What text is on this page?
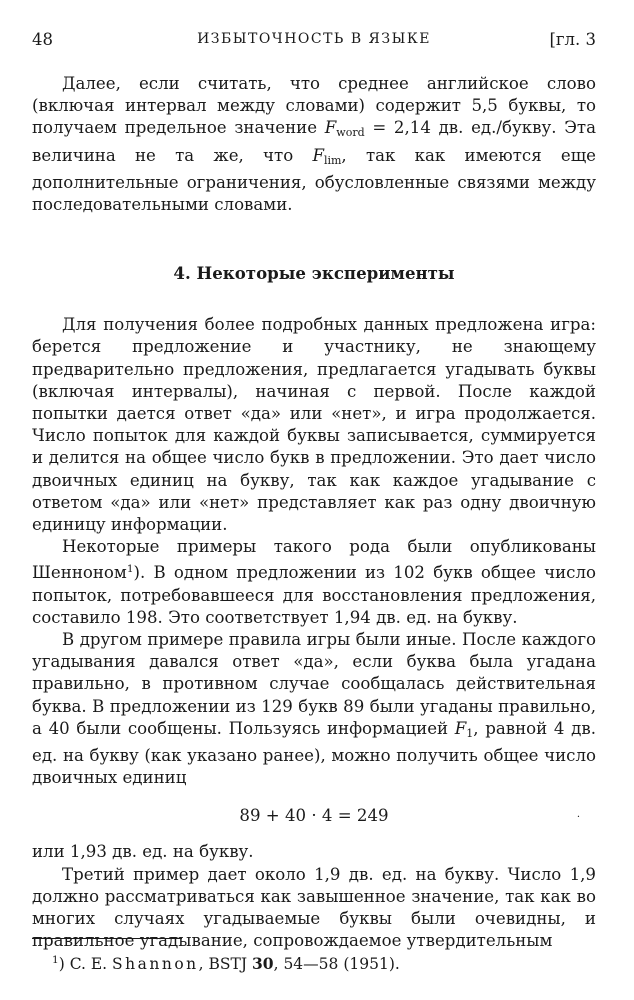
48	ИЗБЫТОЧНОСТЬ В ЯЗЫКЕ	[гл. 3

Далее, если считать, что среднее английское слово (включая интервал между словами) содержит 5,5 буквы, то получаем предельное значение $F_{word} = 2,14$ дв. ед./букву. Эта величина не та же, что $F_{lim}$, так как имеются еще дополнительные ограничения, обусловленные связями между последовательными словами.

4. Некоторые эксперименты

Для получения более подробных данных предложена игра: берется предложение и участнику, не знающему предварительно предложения, предлагается угадывать буквы (включая интервалы), начиная с первой. После каждой попытки дается ответ «да» или «нет», и игра продолжается. Число попыток для каждой буквы записывается, суммируется и делится на общее число букв в предложении. Это дает число двоичных единиц на букву, так как каждое угадывание с ответом «да» или «нет» представляет как раз одну двоичную единицу информации.

Некоторые примеры такого рода были опубликованы Шенноном$^1$). В одном предложении из 102 букв общее число попыток, потребовавшееся для восстановления предложения, составило 198. Это соответствует 1,94 дв. ед. на букву.

В другом примере правила игры были иные. После каждого угадывания давался ответ «да», если буква была угадана правильно, в противном случае сообщалась действительная буква. В предложении из 129 букв 89 были угаданы правильно, а 40 были сообщены. Пользуясь информацией $F_1$, равной 4 дв. ед. на букву (как указано ранее), можно получить общее число двоичных единиц

89 + 40 · 4 = 249	·

или 1,93 дв. ед. на букву.

Третий пример дает около 1,9 дв. ед. на букву. Число 1,9 должно рассматриваться как завышенное значение, так как во многих случаях угадываемые буквы были очевидны, и правильное угадывание, сопровождаемое утвердительным

$^1$) C. E. Shannon, BSTJ 30, 54—58 (1951).
